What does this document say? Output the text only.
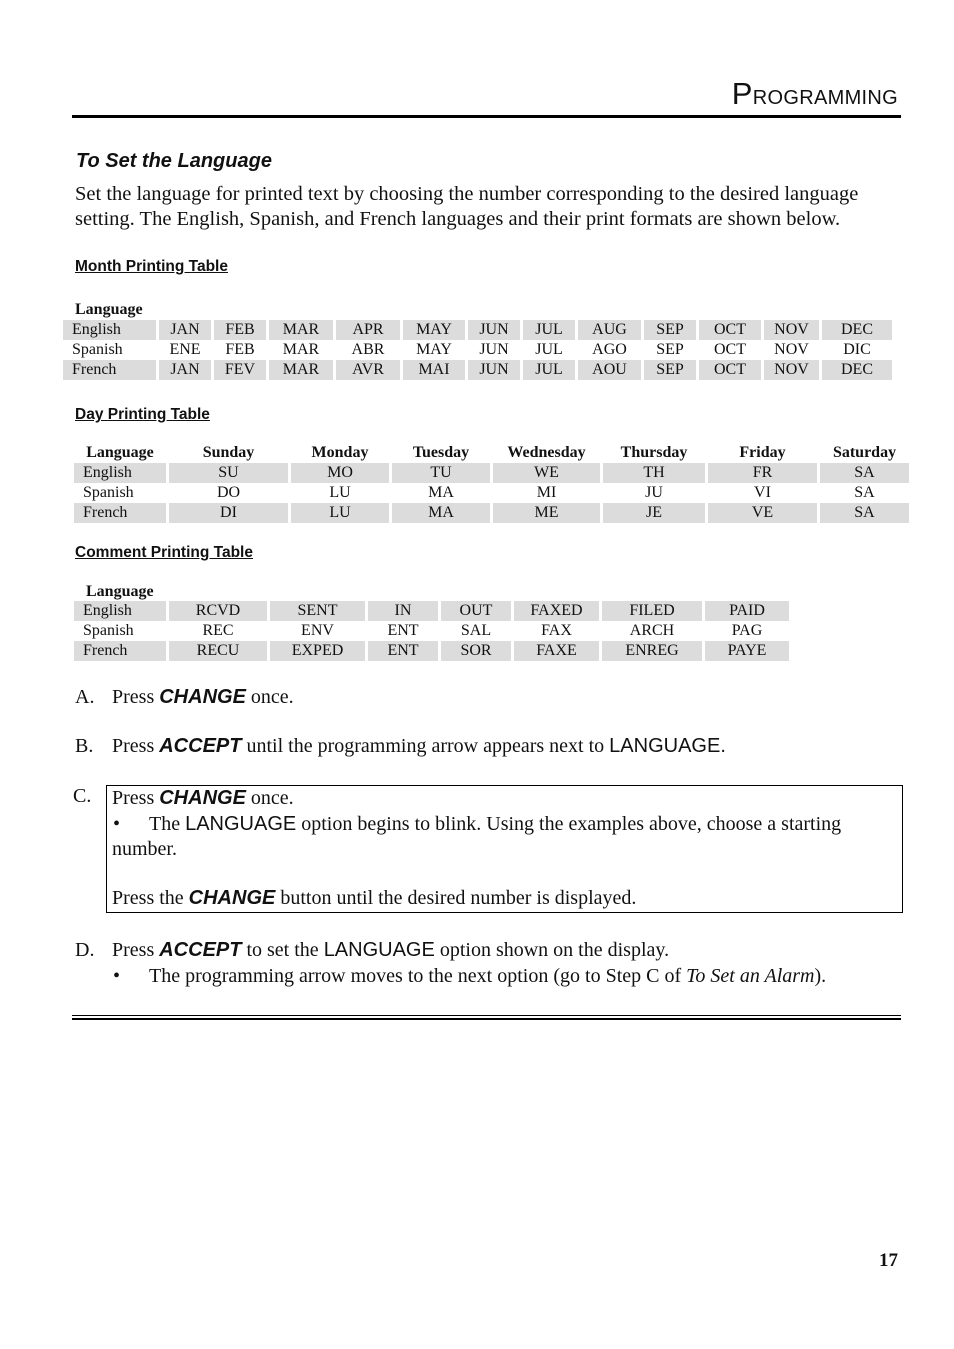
PROGRAMMING
To Set the Language
Set the language for printed text by choosing the number corresponding to the desired language setting. The English, Spanish, and French languages and their print formats are shown below.
Month Printing Table
Language
English	JAN	FEB	MAR	APR	MAY	JUN	JUL	AUG	SEP	OCT	NOV	DEC
Spanish	ENE	FEB	MAR	ABR	MAY	JUN	JUL	AGO	SEP	OCT	NOV	DIC
French	JAN	FEV	MAR	AVR	MAI	JUN	JUL	AOU	SEP	OCT	NOV	DEC
Day Printing Table
Language	Sunday	Monday	Tuesday	Wednesday	Thursday	Friday	Saturday
English	SU	MO	TU	WE	TH	FR	SA
Spanish	DO	LU	MA	MI	JU	VI	SA
French	DI	LU	MA	ME	JE	VE	SA
Comment Printing Table
Language
English	RCVD	SENT	IN	OUT	FAXED	FILED	PAID
Spanish	REC	ENV	ENT	SAL	FAX	ARCH	PAG
French	RECU	EXPED	ENT	SOR	FAXE	ENREG	PAYE
A. Press CHANGE once.
B. Press ACCEPT until the programming arrow appears next to LANGUAGE.
C. Press CHANGE once.
• The LANGUAGE option begins to blink. Using the examples above, choose a starting
number.
Press the CHANGE button until the desired number is displayed.
D. Press ACCEPT to set the LANGUAGE option shown on the display.
• The programming arrow moves to the next option (go to Step C of To Set an Alarm).
17
